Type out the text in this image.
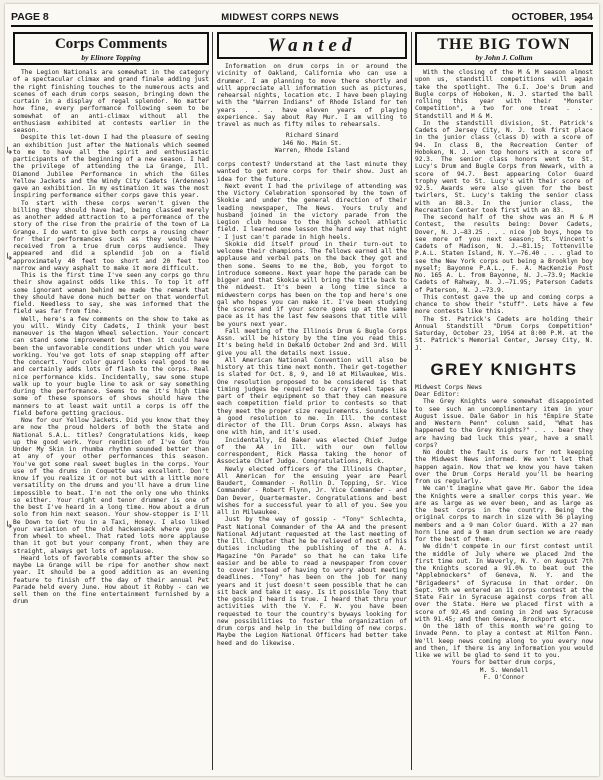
PAGE 8	MIDWEST CORPS NEWS	OCTOBER, 1954
Corps Comments
by Elinore Topping

The Legion Nationals are somewhat in the category of a spectacular climax and grand finale adding just the right finishing touches to the numerous acts and scenes of each drum corps season, bringing down the curtain in a display of regal splendor. No matter how fine, every performance following seem to be somewhat of an anti-climax without all the enthusiasm exhibited at contests earlier in the season.

Despite this let-down I had the pleasure of seeing an exhibition just after the Nationals which seemed to me to have all the spirit and enthusiastic participants of the beginning of a new season. I had the privilege of attending the La Grange, Ill. Diamond Jubilee Performance in which the Giles Yellow Jackets and the Windy City Cadets (Ardennes) gave an exhibition. In my estimation it was the most inspiring performance either corps gave this year.

To start with these corps weren't given the billing they should have had, being classed merely as another added attraction to a performance of the story of the rise from the prairie of the town of La Grange. I do want to give both corps a rousing cheer for their performances such as they would have received from a true drum corps audience. They appeared and did a splendid job on a field approximately 40 feet too short and 20 feet too narrow and wavy asphalt to make it more difficult.

This is the first time I've seen any corps go thru their show against odds like this. To top it off some ignorant woman behind me made the remark that they should have done much better on that wonderful field. Needless to say, she was informed that the field was far from fine.

Well, here's a few comments on the show to take as you will. Windy City Cadets, I think your best maneuver is the Wagon Wheel selection. Your concert can stand some improvement but then it could have been the unfavorable conditions under which you were working. You've got lots of snap stepping off after the concert. Your color guard looks real good to me and certainly adds lots of flash to the corps. Real nice performance kids. Incidentally, saw some stupe walk up to your bugle line to ask or say something during the performance. Seems to me it's high time some of these sponsors of shows should have the manners to at least wait until a corps is off the field before getting gracious.

Now for our Yellow Jackets. Did you know that they are now the proud holders of both the State and National S.A.L. titles? Congratulations kids, keep up the good work. Your rendition of I've Got You Under My Skin in rhumba rhythm sounded better than at any of your other performances this season. You've got some real sweet bugles in the corps. Your use of the drums in Coquette was excellent. Don't know if you realize it or not but with a little more versatility on the drums and you'll have a drum line impossible to beat. I'm not the only one who thinks so either. Your right end tenor drummer is one of the best I've heard in a long time. How about a drum solo from him next season. Your show-stopper is I'll Be Down to Get You in a Taxi, Honey. I also liked your variation of the old hackensack where you go from wheel to wheel. That rated lots more applause than it got but your company front, when they are straight, always get lots of applause.

Heard lots of favorable comments after the show so maybe La Grange will be ripe for another show next year. It should be a good addition as an evening feature to finish off the day of their annual Pet Parade held every June. How about it Robby - can we sell them on the fine entertainment furnished by a drum

Wanted

Information on drum corps in or around the vicinity of Oakland, California who can use a drummer. I am planning to move there shortly and will appreciate all information such as pictures, rehearsal nights, location etc. I have been playing with the "Warren Indians" of Rhode Island for ten years . . . have eleven years of playing experience. Say about Ray Mur. I am willing to travel as much as fifty miles to rehearsals.

Richard Simard
146 No. Main St.
Warren, Rhode Island

corps contest? Understand at the last minute they wanted to get more corps for their show. Just an idea for the future.

Next event I had the privilege of attending was the Victory Celebration sponsored by the town of Skokie and under the general direction of their leading newspaper, The News. Yours truly and husband joined in the victory parade from the Legion club house to the high school athletic field. I learned one lesson the hard way that night - I just can't parade in high heels.

Skokie did itself proud in their turn-out to welcome their champions. The fellows earned all the applause and verbal pats on the back they got and then some. Seems to me the, Bob, you forgot to introduce someone. Next year hope the parade can be bigger and that Skokie will bring the title back to the midwest. It's been a long time since a midwestern corps has been on the top and here's one gal who hopes you can make it. I've been studying the scores and if your score goes up at the same pace as it has the last few seasons that title will be yours next year.

Fall meeting of the Illinois Drum & Bugle Corps Assn. will be history by the time you read this. It's being held in DeKalb October 2nd and 3rd. Will give you all the details next issue.

All American National Convention will also be history at this time next month. Their get-together is slated for Oct. 8, 9, and 10 at Milwaukee, Wis. One resolution proposed to be considered is that timing judges be required to carry steel tapes as part of their equipment so that they can measure each competition field prior to contests so that they meet the proper size requirements. Sounds like a good resolution to me. In Ill. the contest director of the Ill. Drum Corps Assn. always has one with him, and it's used.

Incidentally, Ed Baker was elected Chief Judge of the AA in Ill. with our own fellow correspondent, Rick Massa taking the honor of Associate Chief Judge. Congratulations, Rick.

Newly elected officers of the Illinois Chapter, All American for the ensuing year are Pearl Baudert, Commander - Rollin D. Topping, Sr. Vice Commander - Robert Flynn, Jr. Vice Commander - and Dan Dever, Quartermaster. Congratulations and best wishes for a successful year to all of you. See you all in Milwaukee.

Just by the way of gossip - "Tony" Schlechta, Past National Commander of the AA and the present National Adjutant requested at the last meeting of the Ill. Chapter that he be relieved of most of his duties including the publishing of the A. A. Magazine "On Parade" so that he can take life easier and be able to read a newspaper from cover to cover instead of having to worry about meeting deadlines. "Tony" has been on the job for many years and it just doesn't seem possible that he can sit back and take it easy. Is it possible Tony that the gossip I heard is true. I heard that thru your activities with the V. F. W. you have been requested to tour the country's byways looking for new possibilities to foster the organization of drum corps and help in the building of new corps. Maybe the Legion National Officers had better take heed and do likewise.

THE BIG TOWN
by John J. Collum

With the closing of the M & M season almost upon us, standstill competitions will again take the spotlight. The G.I. Joe's Drum and Bugle corps of Hoboken, N. J. started the ball rolling this year with their "Monster Competition", a two for one treat . . . Standstill and M & M.

In the standstill division, St. Patrick's Cadets of Jersey City, N. J. took first place in the junior class (class D) with a score of 94. In class B, the Recreation Center of Hoboken, N. J. won top honors with a score of 92.3. The senior class honors went to St. Lucy's Drum and Bugle Corps from Newark, with a score of 94.7. Best appearing Color Guard trophy went to St. Lucy's with their score of 92.5. Awards were also given for the best twirlers, St. Lucy's taking the senior class with an 88.3. In the junior class, the Recreation Center took first with an 83.

The second half of the show was an M & M Contest, the results being: Dover Cadets, Dover, N. J.—83.25 . . . nice job boys, hope to see more of you next season; St. Vincent's Cadets of Madison, N. J.—81.15; Tottenville P.A.L. Staten Island, N. Y.—76.40 . . . glad to see the New York corps out being a Brooklyn boy myself; Bayonne P.A.L., F. A. MacKenzie Post No. 165 A. L. from Bayonne, N. J.—73.9; Mackie Cadets of Rahway, N. J.—71.95; Paterson Cadets of Paterson, N. J.—73.9.

This contest gave the up and coming corps a chance to show their "stuff". Lets have a few more contests like this.

The St. Patrick's Cadets are holding their Annual Standstill "Drum Corps Competition" Saturday, October 23, 1954 at 8:00 P.M. at the St. Patrick's Memorial Center, Jersey City, N. J.

GREY KNIGHTS
Midwest Corps News
Dear Editor:

The Grey Knights were somewhat disappointed to see such an uncomplimentary item in your August issue. Dale Gabor in his "Empire State and Western Penn" column said, "What has happened to the Grey Knights?" . . . bear they are having bad luck this year, have a small corps?

No doubt the fault is ours for not keeping the Midwest News informed. We won't let that happen again. Now that we know you have taken over the Drum Corps Herald you'll be hearing from us regularly.

We can't imagine what gave Mr. Gabor the idea the Knights were a smaller corps this year. We are as large as we ever been, and as large as the best corps in the country. Being the original corps to march in size with 36 playing members and a 9 man Color Guard. With a 27 man horn line and a 9 man drum section we are ready for the best of them.

We didn't compete in our first contest until the middle of July where we placed 2nd the first time out. In Waverly, N. Y. on August 7th the Knights scored a 91.0% to beat out the "Applebnockers" of Geneva, N. Y. and the "Brigadeers" of Syracuse in that order. On Sept. 9th we entered an 11 corps contest at the State Fair in Syracuse against corps from all over the State. Here we placed first with a score of 92.45 and coming in 2nd was Syracuse with 91.45; and then Geneva, Brockport etc.

On the 18th of this month we're going to invade Penn. to play a contest at Milton Penn. We'll keep news coming along to you every now and then, if there is any information you would like we will be glad to send it to you.

Yours for better drum corps,
M. S. Wendell
F. O'Connor
↳
↳
↳
